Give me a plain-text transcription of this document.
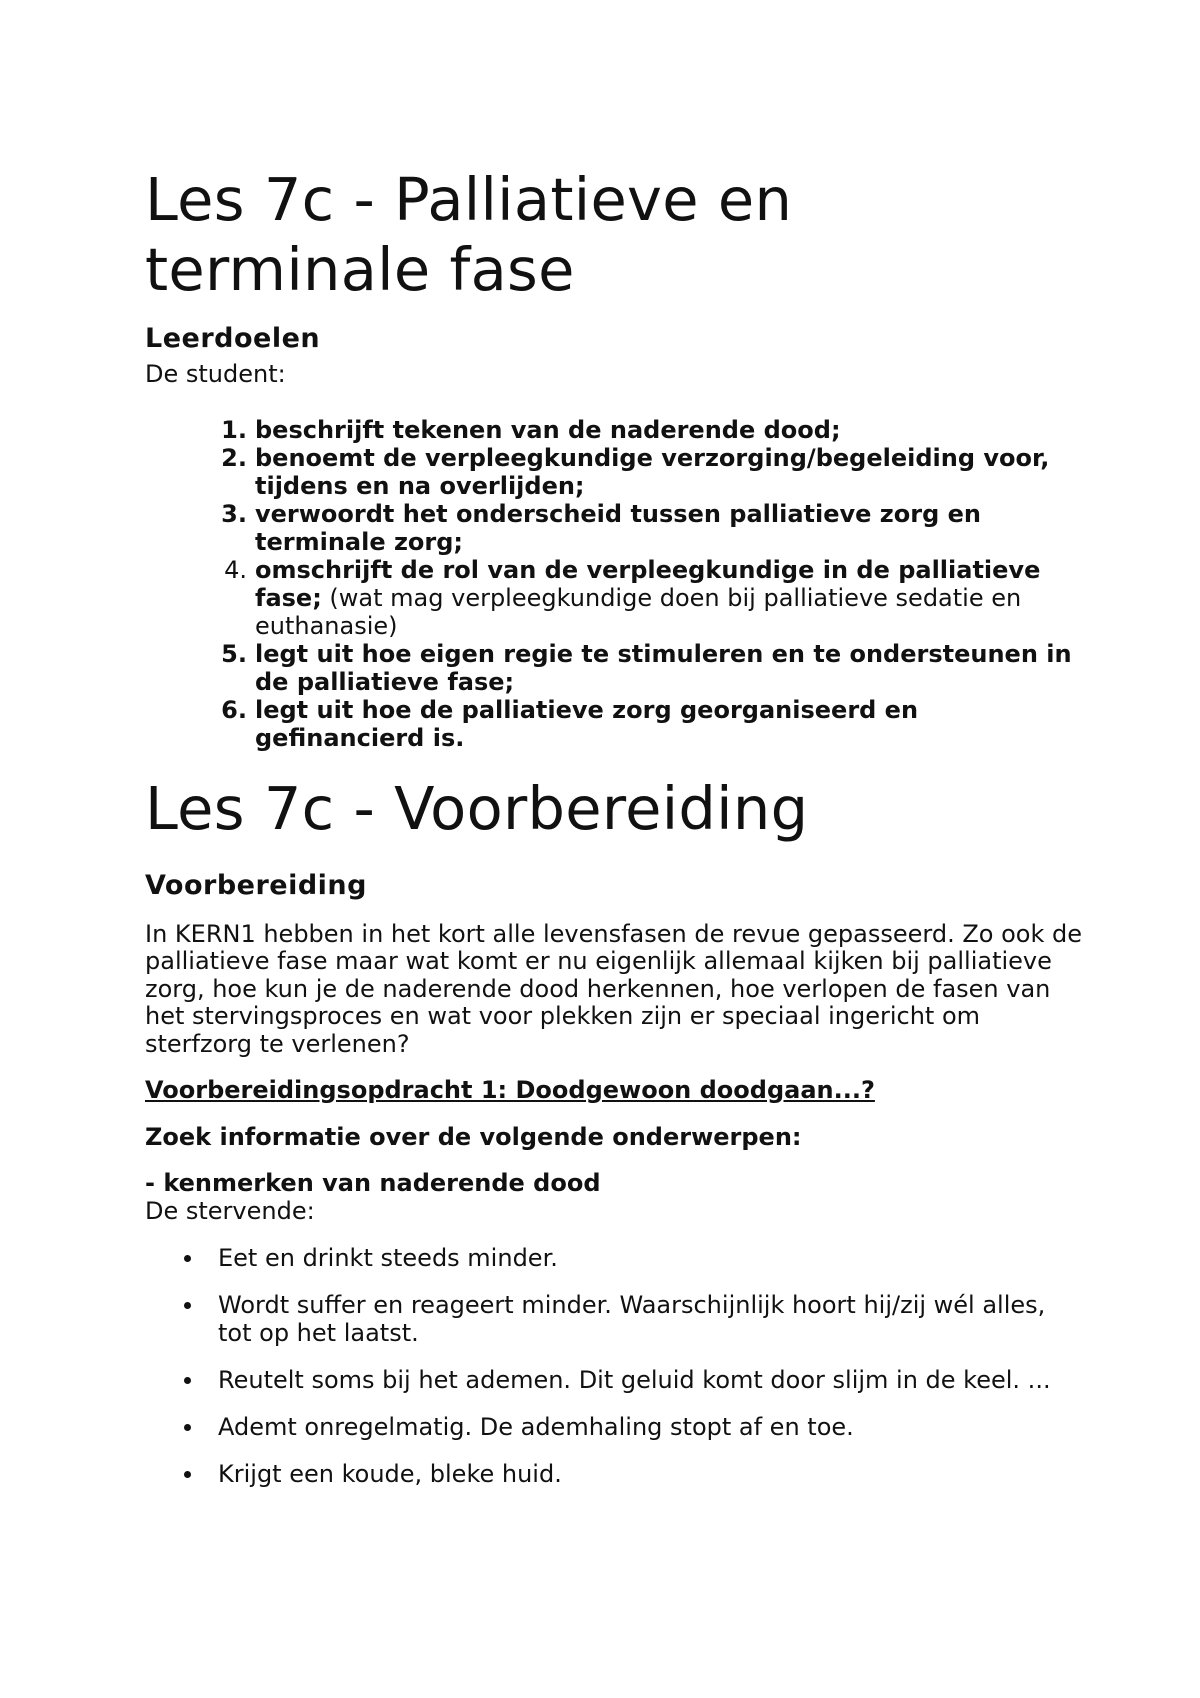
Les 7c - Palliatieve en
terminale fase
Leerdoelen

De student:

1. beschrijft tekenen van de naderende dood;
2. benoemt de verpleegkundige verzorging/begeleiding voor, tijdens en na overlijden;
3. verwoordt het onderscheid tussen palliatieve zorg en terminale zorg;
4. omschrijft de rol van de verpleegkundige in de palliatieve fase; (wat mag verpleegkundige doen bij palliatieve sedatie en euthanasie)
5. legt uit hoe eigen regie te stimuleren en te ondersteunen in de palliatieve fase;
6. legt uit hoe de palliatieve zorg georganiseerd en gefinancierd is.
Les 7c - Voorbereiding
Voorbereiding

In KERN1 hebben in het kort alle levensfasen de revue gepasseerd. Zo ook de palliatieve fase maar wat komt er nu eigenlijk allemaal kijken bij palliatieve zorg, hoe kun je de naderende dood herkennen, hoe verlopen de fasen van het stervingsproces en wat voor plekken zijn er speciaal ingericht om sterfzorg te verlenen?

Voorbereidingsopdracht 1: Doodgewoon doodgaan...?

Zoek informatie over de volgende onderwerpen:

- kenmerken van naderende dood

De stervende:

Eet en drinkt steeds minder.
Wordt suffer en reageert minder. Waarschijnlijk hoort hij/zij wél alles, tot op het laatst.
Reutelt soms bij het ademen. Dit geluid komt door slijm in de keel. ...
Ademt onregelmatig. De ademhaling stopt af en toe.
Krijgt een koude, bleke huid.
